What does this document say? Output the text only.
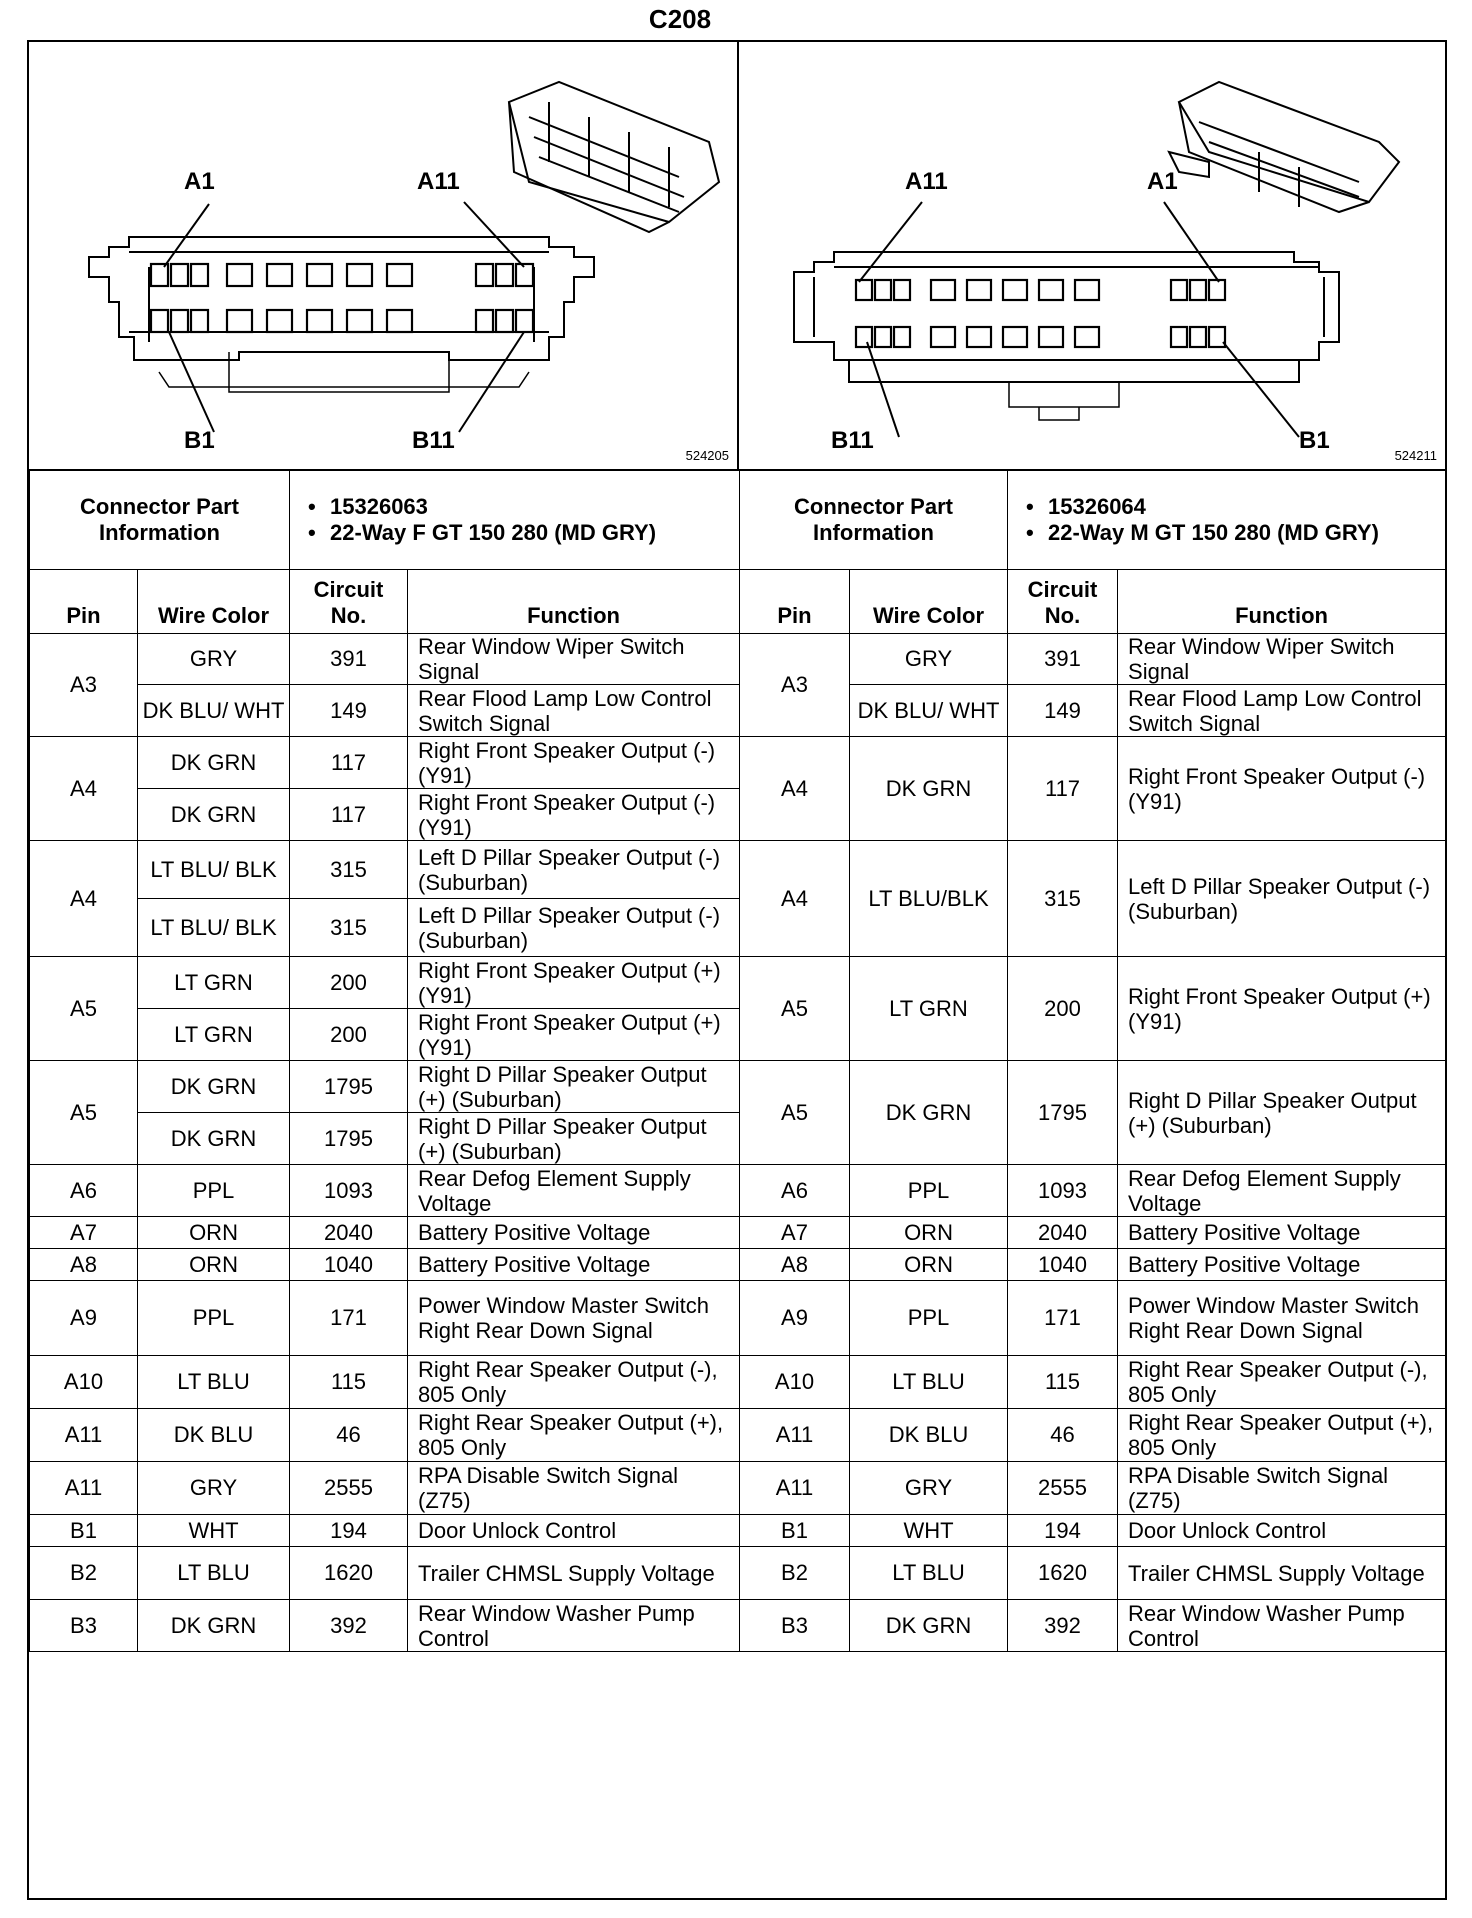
C208
A1	A11
B1	B11
524205
A11	A1
B11	B1
524211
Connector Part Information		• 15326063
• 22-Way F GT 150 280 (MD GRY)

Pin	Wire Color	Circuit No.	Function
A3	GRY	391	Rear Window Wiper Switch Signal
	DK BLU/ WHT	149	Rear Flood Lamp Low Control Switch Signal
A4	DK GRN	117	Right Front Speaker Output (-) (Y91)
	DK GRN	117	Right Front Speaker Output (-) (Y91)
A4	LT BLU/ BLK	315	Left D Pillar Speaker Output (-) (Suburban)
	LT BLU/ BLK	315	Left D Pillar Speaker Output (-) (Suburban)
A5	LT GRN	200	Right Front Speaker Output (+) (Y91)
	LT GRN	200	Right Front Speaker Output (+) (Y91)
A5	DK GRN	1795	Right D Pillar Speaker Output (+) (Suburban)
	DK GRN	1795	Right D Pillar Speaker Output (+) (Suburban)
A6	PPL	1093	Rear Defog Element Supply Voltage
A7	ORN	2040	Battery Positive Voltage
A8	ORN	1040	Battery Positive Voltage
A9	PPL	171	Power Window Master Switch Right Rear Down Signal
A10	LT BLU	115	Right Rear Speaker Output (-), 805 Only
A11	DK BLU	46	Right Rear Speaker Output (+), 805 Only
A11	GRY	2555	RPA Disable Switch Signal (Z75)
B1	WHT	194	Door Unlock Control
B2	LT BLU	1620	Trailer CHMSL Supply Voltage
B3	DK GRN	392	Rear Window Washer Pump Control
Connector Part Information		• 15326064
• 22-Way M GT 150 280 (MD GRY)

Pin	Wire Color	Circuit No.	Function
A3	GRY	391	Rear Window Wiper Switch Signal
	DK BLU/ WHT	149	Rear Flood Lamp Low Control Switch Signal
A4	DK GRN	117	Right Front Speaker Output (-) (Y91)
A4	LT BLU/BLK	315	Left D Pillar Speaker Output (-) (Suburban)
A5	LT GRN	200	Right Front Speaker Output (+) (Y91)
A5	DK GRN	1795	Right D Pillar Speaker Output (+) (Suburban)
A6	PPL	1093	Rear Defog Element Supply Voltage
A7	ORN	2040	Battery Positive Voltage
A8	ORN	1040	Battery Positive Voltage
A9	PPL	171	Power Window Master Switch Right Rear Down Signal
A10	LT BLU	115	Right Rear Speaker Output (-), 805 Only
A11	DK BLU	46	Right Rear Speaker Output (+), 805 Only
A11	GRY	2555	RPA Disable Switch Signal (Z75)
B1	WHT	194	Door Unlock Control
B2	LT BLU	1620	Trailer CHMSL Supply Voltage
B3	DK GRN	392	Rear Window Washer Pump Control
